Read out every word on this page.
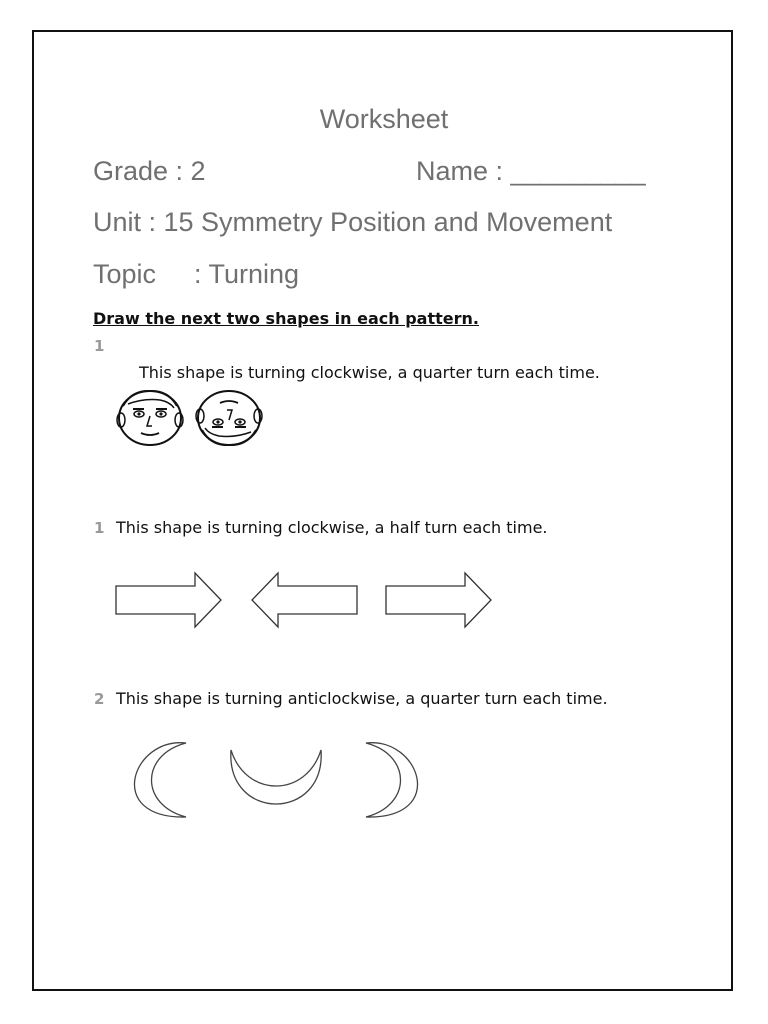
Worksheet
Grade : 2	Name : _________
Unit : 15 Symmetry Position and Movement
Topic : Turning
Draw the next two shapes in each pattern.
1
This shape is turning clockwise, a quarter turn each time.
1 This shape is turning clockwise, a half turn each time.
2 This shape is turning anticlockwise, a quarter turn each time.
